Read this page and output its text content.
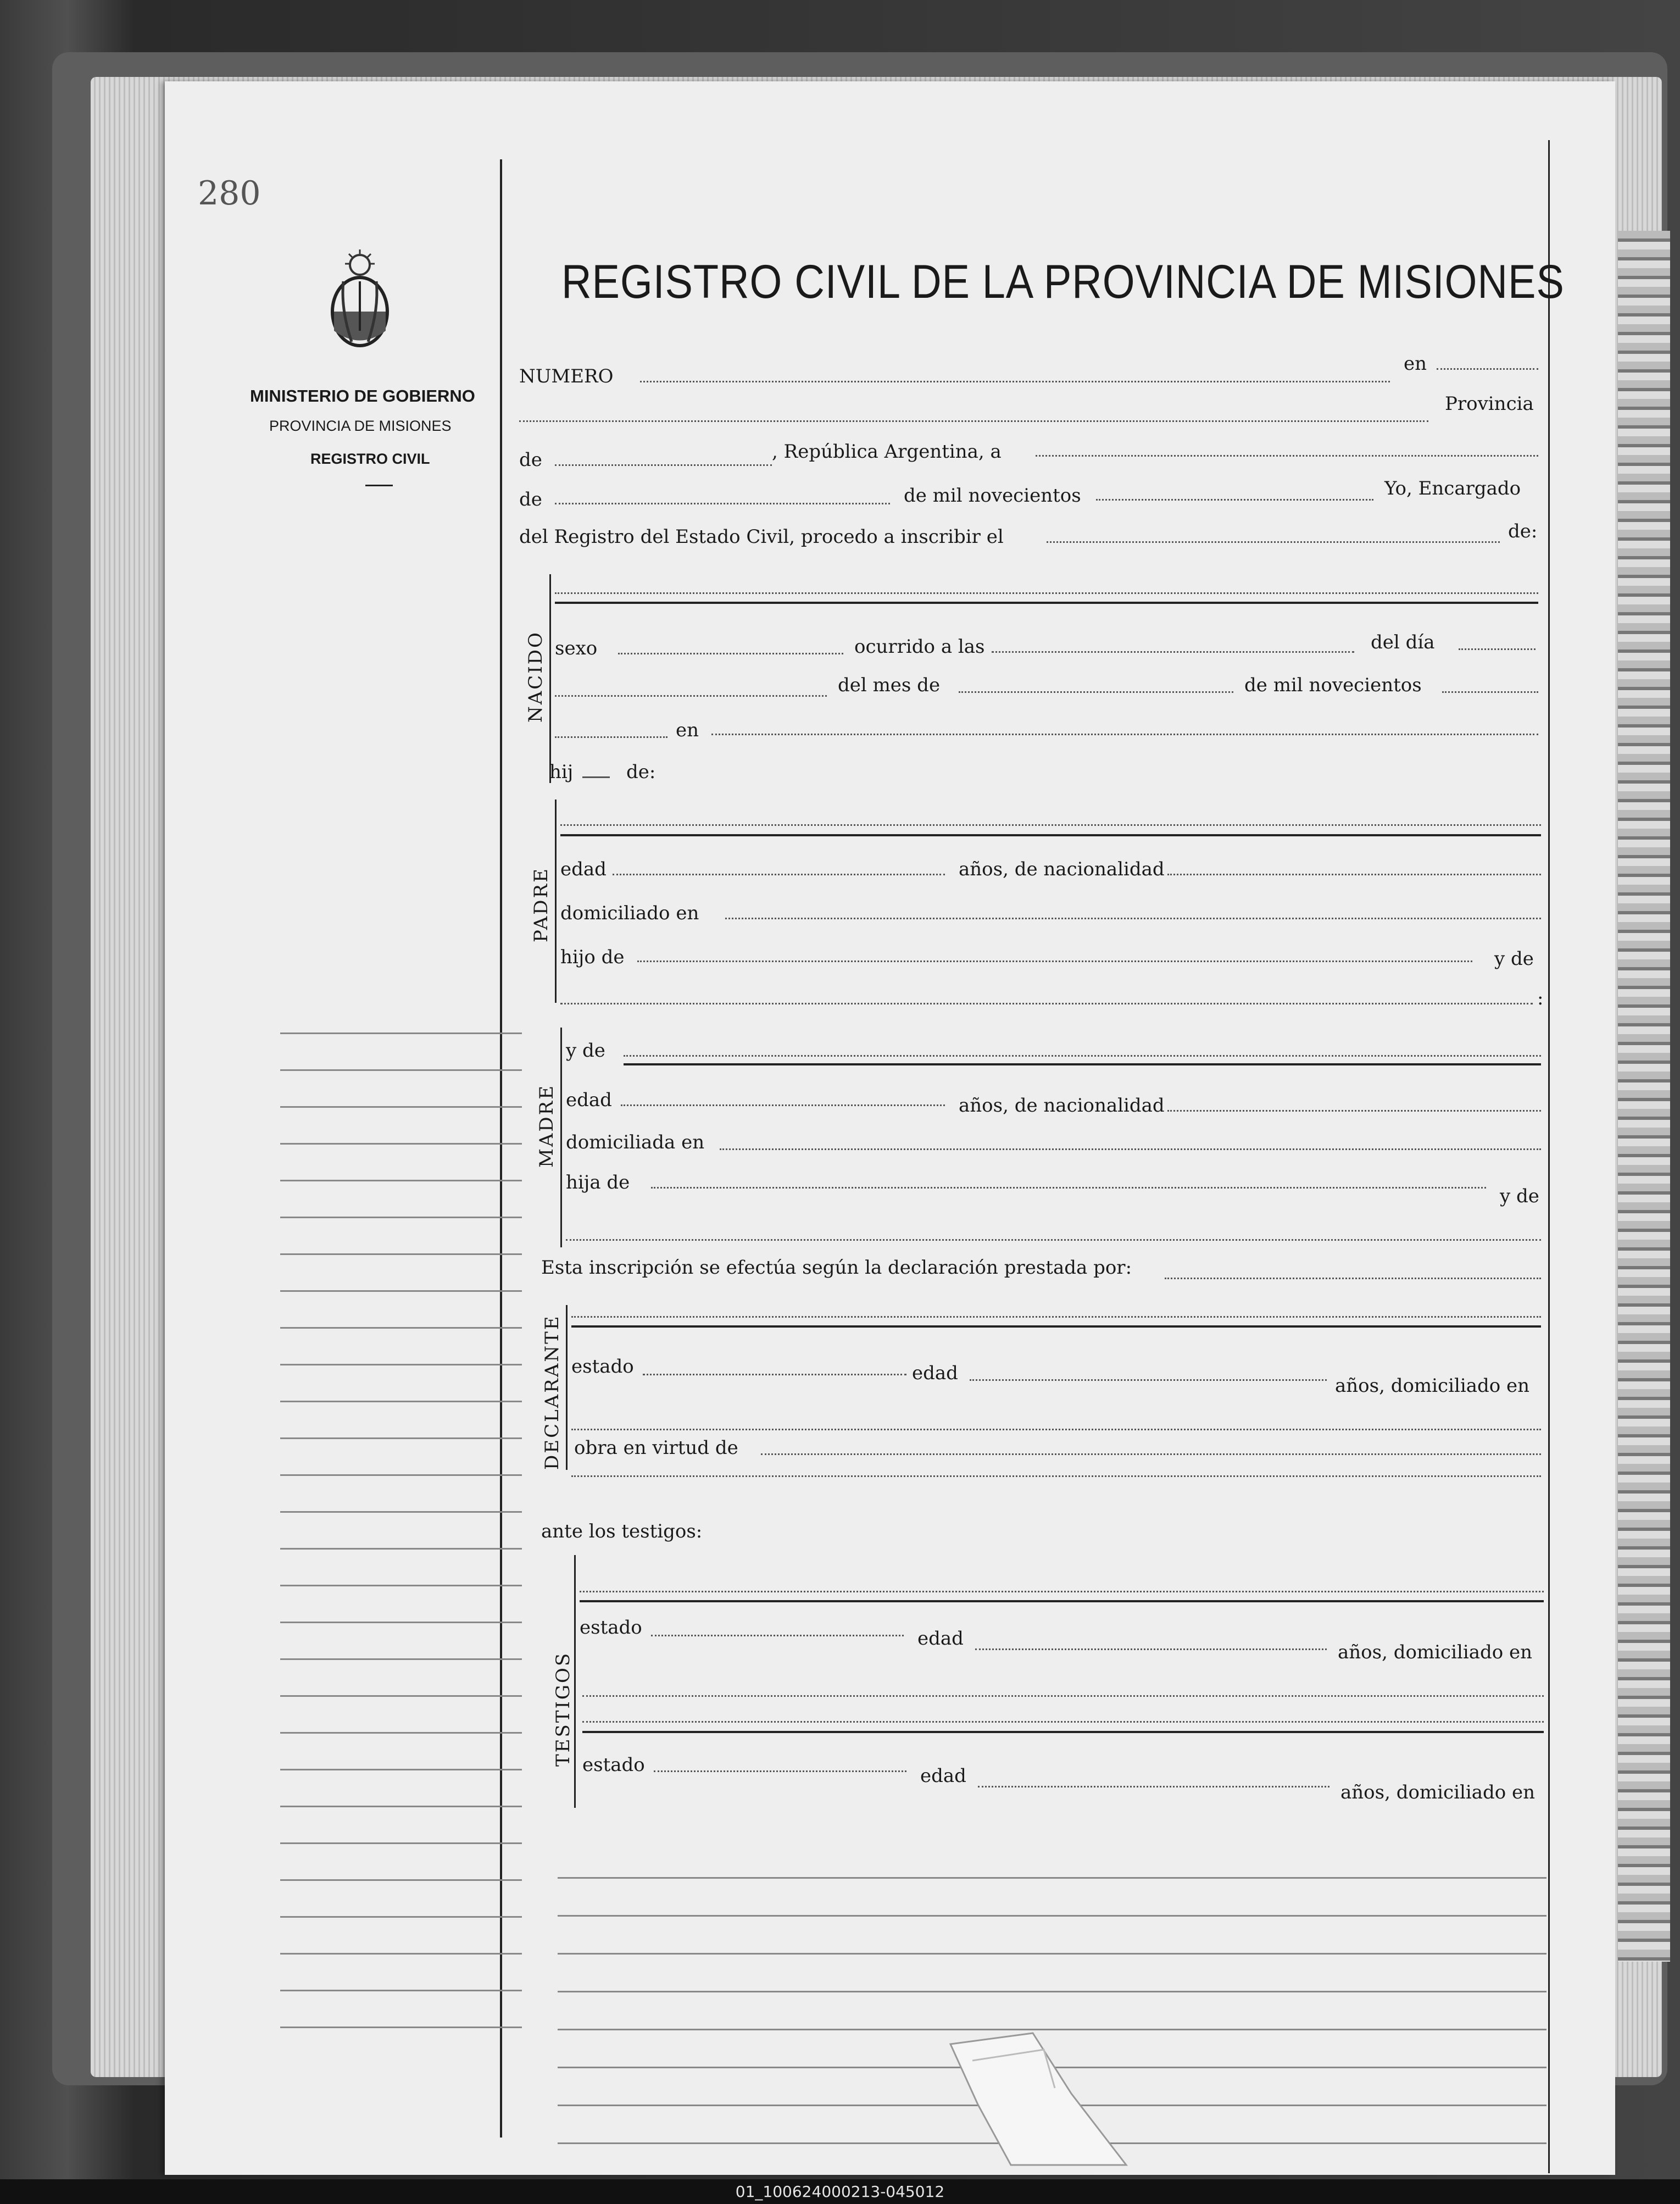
280
MINISTERIO DE GOBIERNO
PROVINCIA DE MISIONES
REGISTRO CIVIL
REGISTRO CIVIL DE LA PROVINCIA DE MISIONES
NUMERO
en
Provincia
de	, República Argentina, a
de	de mil novecientos	Yo, Encargado
del Registro del Estado Civil, procedo a inscribir el	de:
NACIDO sexo	ocurrido a las	del día
del mes de	de mil novecientos
en
hij	de:
PADRE edad	años, de nacionalidad
domiciliado en
hijo de	y de
:
MADRE
y de
edad	años, de nacionalidad
domiciliada en
hija de
y de
Esta inscripción se efectúa según la declaración prestada por:
DECLARANTE estado	edad
años, domiciliado en
obra en virtud de
ante los testigos:
TESTIGOS
estado	edad
años, domiciliado en
estado	edad
años, domiciliado en
01_100624000213-045012
